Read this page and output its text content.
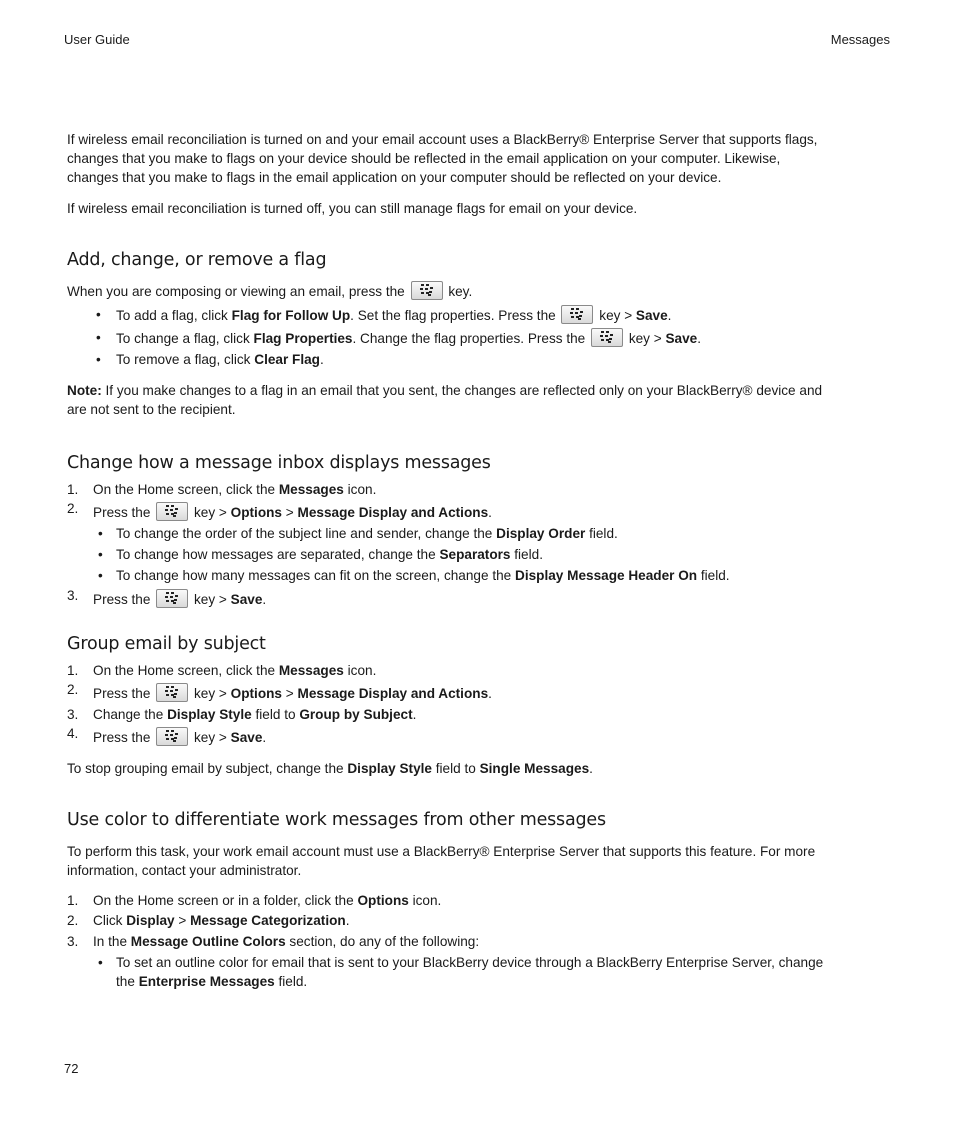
User Guide	Messages

If wireless email reconciliation is turned on and your email account uses a BlackBerry® Enterprise Server that supports flags,

changes that you make to flags on your device should be reflected in the email application on your computer. Likewise,

changes that you make to flags in the email application on your computer should be reflected on your device.

If wireless email reconciliation is turned off, you can still manage flags for email on your device.

Add, change, or remove a flag
When you are composing or viewing an email, press the	key.
• To add a flag, click Flag for Follow Up. Set the flag properties. Press the	key > Save.
• To change a flag, click Flag Properties. Change the flag properties. Press the	key > Save.
• To remove a flag, click Clear Flag.

Note: If you make changes to a flag in an email that you sent, the changes are reflected only on your BlackBerry® device and

are not sent to the recipient.

Change how a message inbox displays messages
1. On the Home screen, click the Messages icon.
2. Press the	key > Options > Message Display and Actions.
• To change the order of the subject line and sender, change the Display Order field.
• To change how messages are separated, change the Separators field.
• To change how many messages can fit on the screen, change the Display Message Header On field.
3. Press the	key > Save.
Group email by subject
1. On the Home screen, click the Messages icon.
2. Press the	key > Options > Message Display and Actions.
3. Change the Display Style field to Group by Subject.
4. Press the	key > Save.

To stop grouping email by subject, change the Display Style field to Single Messages.

Use color to differentiate work messages from other messages

To perform this task, your work email account must use a BlackBerry® Enterprise Server that supports this feature. For more

information, contact your administrator.

1. On the Home screen or in a folder, click the Options icon.
2. Click Display > Message Categorization.
3. In the Message Outline Colors section, do any of the following:
• To set an outline color for email that is sent to your BlackBerry device through a BlackBerry Enterprise Server, change
the Enterprise Messages field.
72
